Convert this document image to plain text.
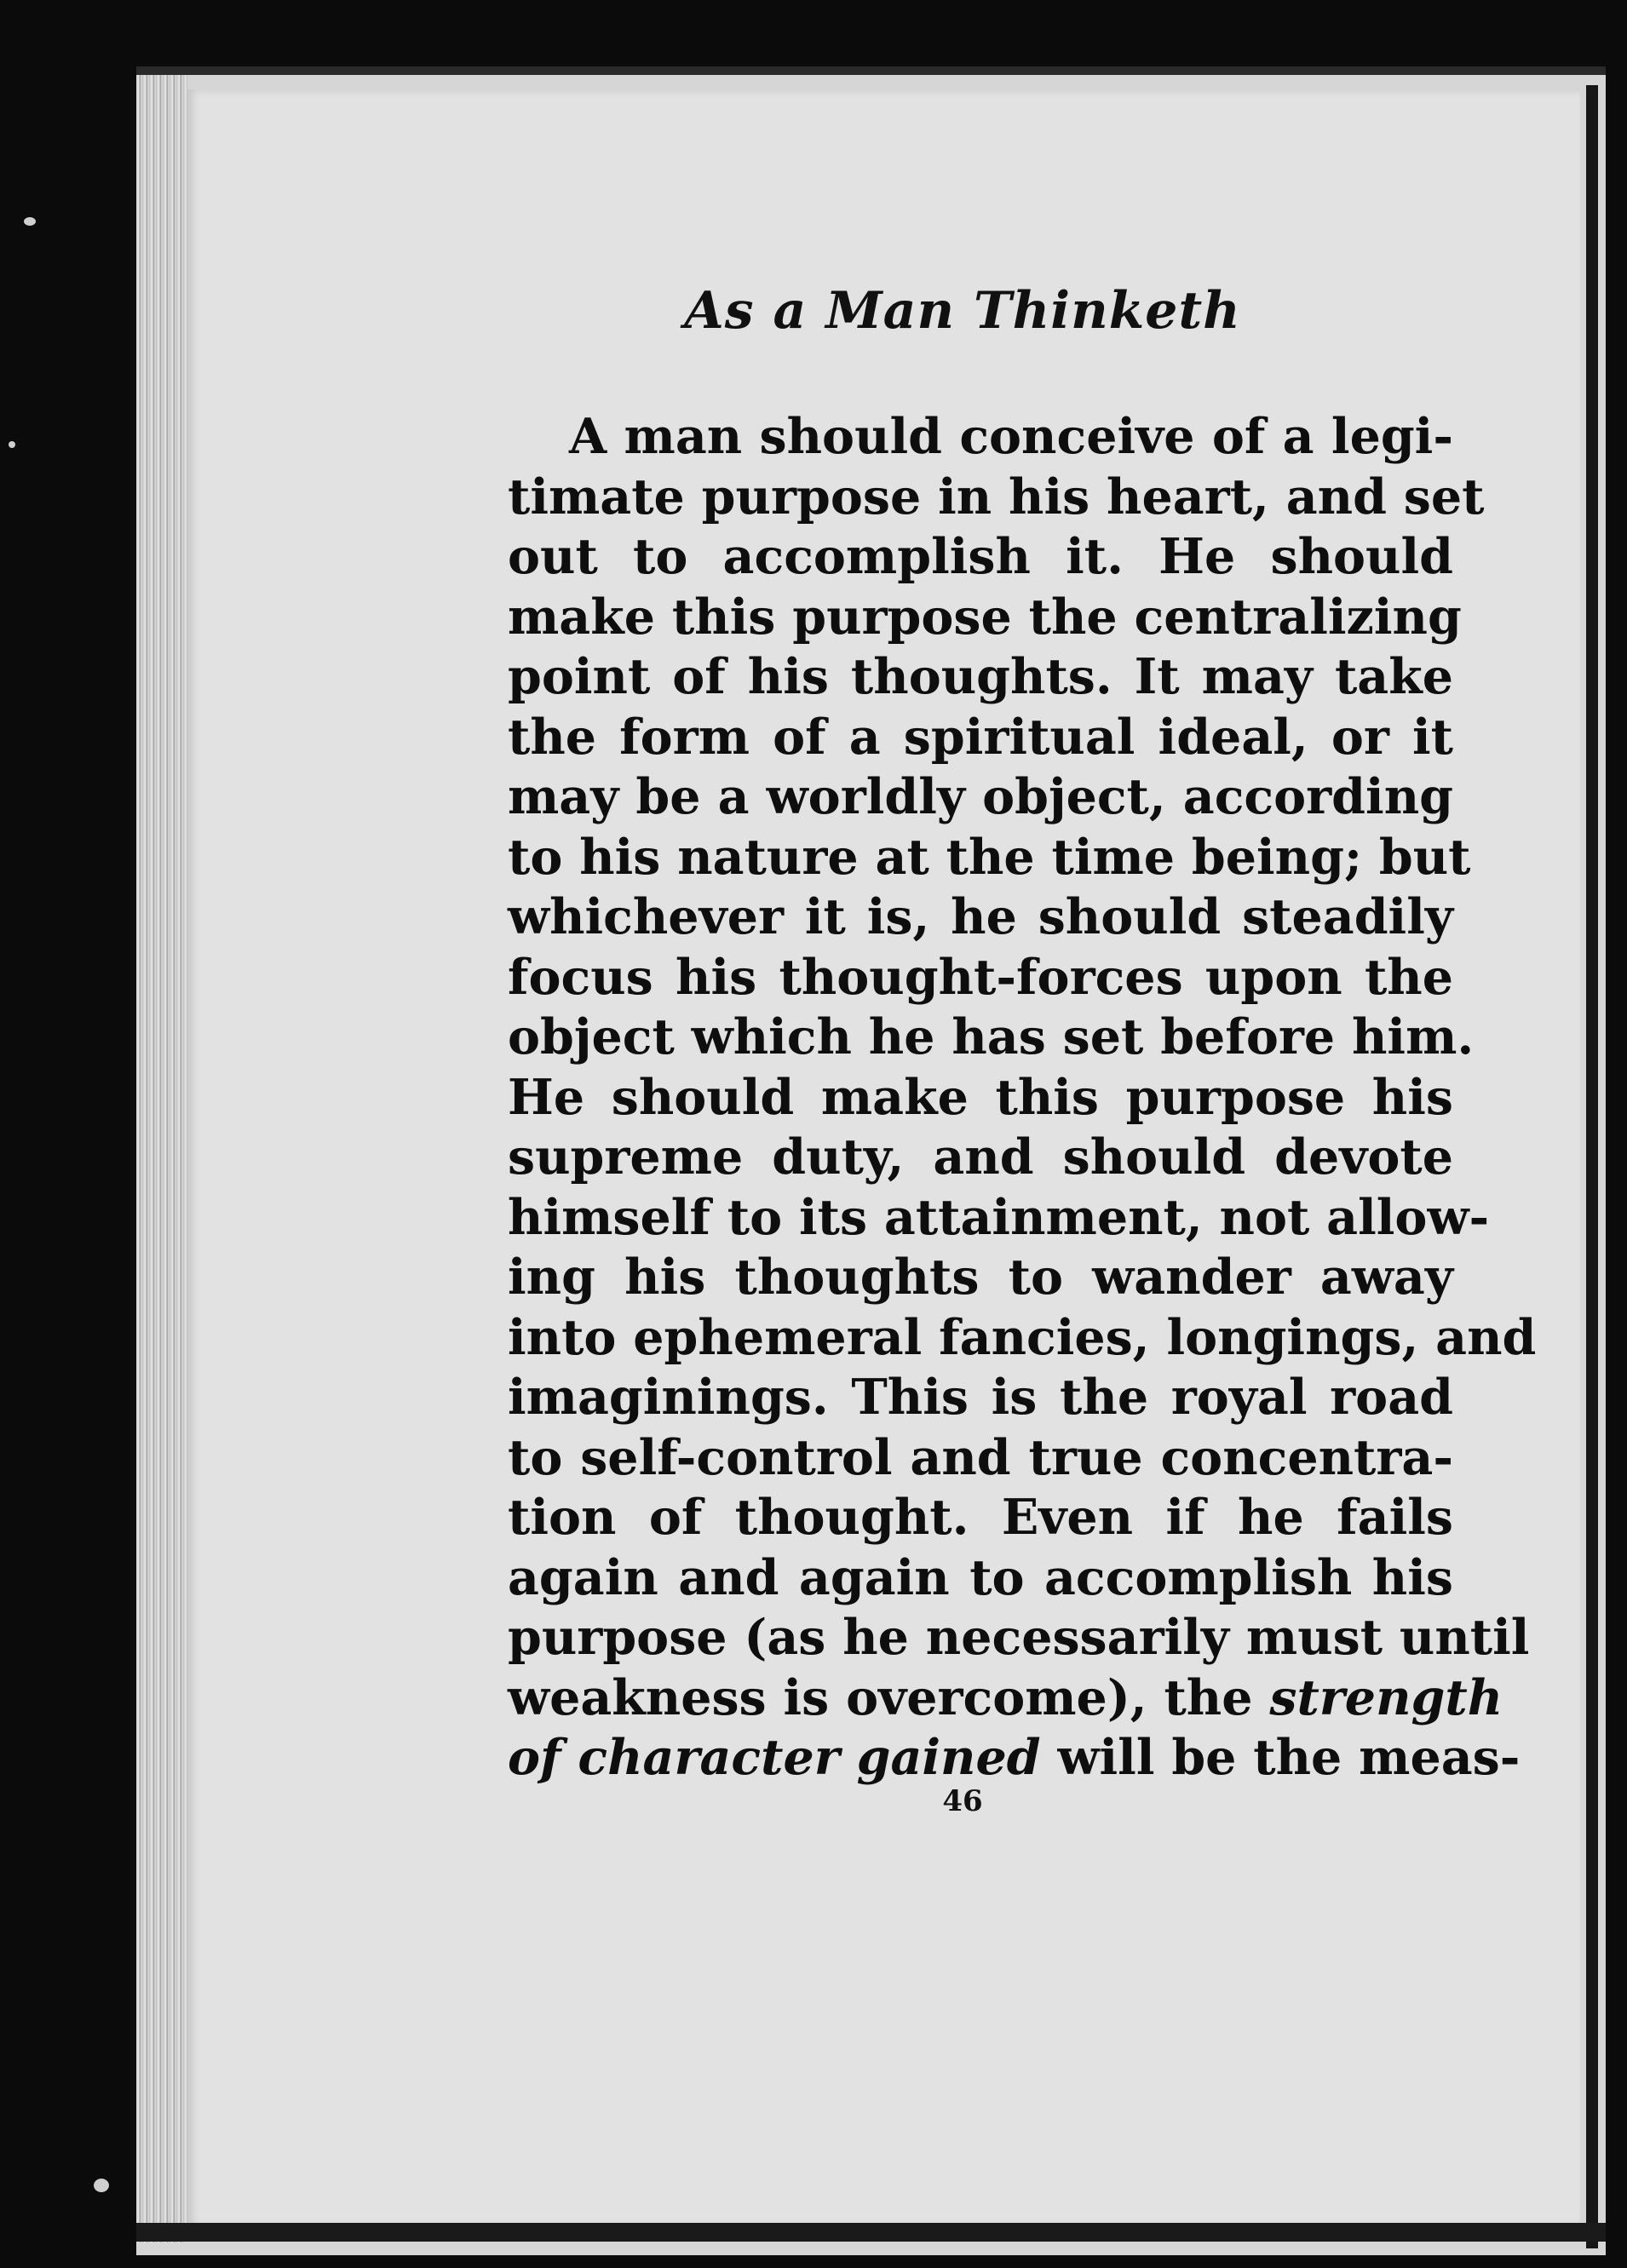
As a Man Thinketh
A man should conceive of a legi-
timate purpose in his heart, and set
out to accomplish it. He should
make this purpose the centralizing
point of his thoughts. It may take
the form of a spiritual ideal, or it
may be a worldly object, according
to his nature at the time being; but
whichever it is, he should steadily
focus his thought-forces upon the
object which he has set before him.
He should make this purpose his
supreme duty, and should devote
himself to its attainment, not allow-
ing his thoughts to wander away
into ephemeral fancies, longings, and
imaginings. This is the royal road
to self-control and true concentra-
tion of thought. Even if he fails
again and again to accomplish his
purpose (as he necessarily must until
weakness is overcome), the strength
of character gained will be the meas-
46
